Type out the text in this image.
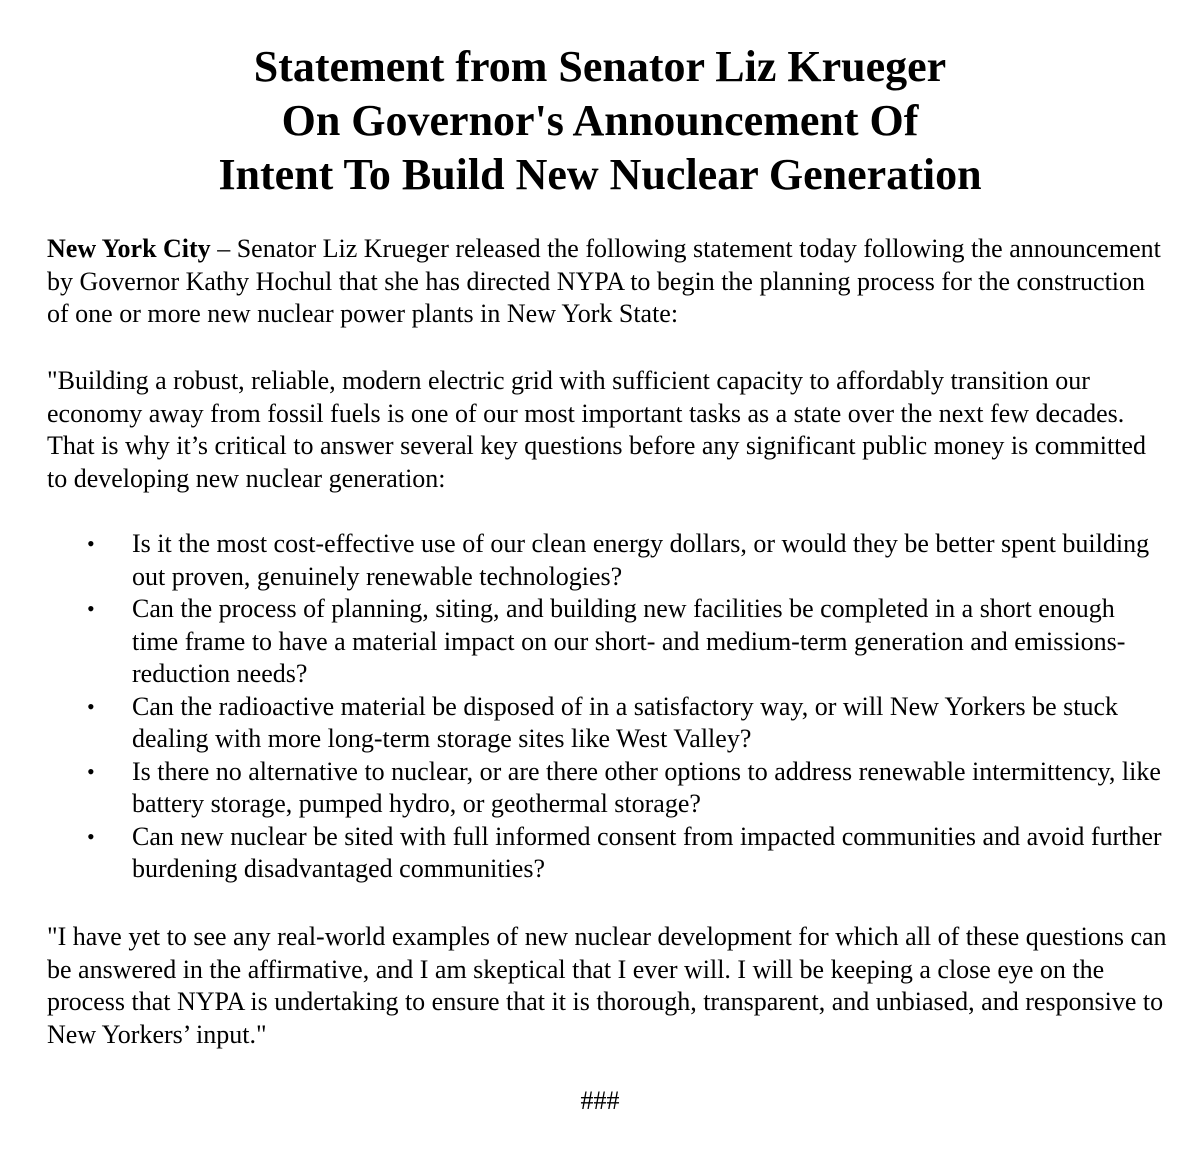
Statement from Senator Liz Krueger
On Governor's Announcement Of
Intent To Build New Nuclear Generation

New York City – Senator Liz Krueger released the following statement today following the announcement by Governor Kathy Hochul that she has directed NYPA to begin the planning process for the construction of one or more new nuclear power plants in New York State:

"Building a robust, reliable, modern electric grid with sufficient capacity to affordably transition our economy away from fossil fuels is one of our most important tasks as a state over the next few decades. That is why it’s critical to answer several key questions before any significant public money is committed to developing new nuclear generation:

• Is it the most cost-effective use of our clean energy dollars, or would they be better spent building out proven, genuinely renewable technologies?
• Can the process of planning, siting, and building new facilities be completed in a short enough time frame to have a material impact on our short- and medium-term generation and emissions-reduction needs?
• Can the radioactive material be disposed of in a satisfactory way, or will New Yorkers be stuck dealing with more long-term storage sites like West Valley?
• Is there no alternative to nuclear, or are there other options to address renewable intermittency, like battery storage, pumped hydro, or geothermal storage?
• Can new nuclear be sited with full informed consent from impacted communities and avoid further burdening disadvantaged communities?

"I have yet to see any real-world examples of new nuclear development for which all of these questions can be answered in the affirmative, and I am skeptical that I ever will. I will be keeping a close eye on the process that NYPA is undertaking to ensure that it is thorough, transparent, and unbiased, and responsive to New Yorkers’ input."

###
